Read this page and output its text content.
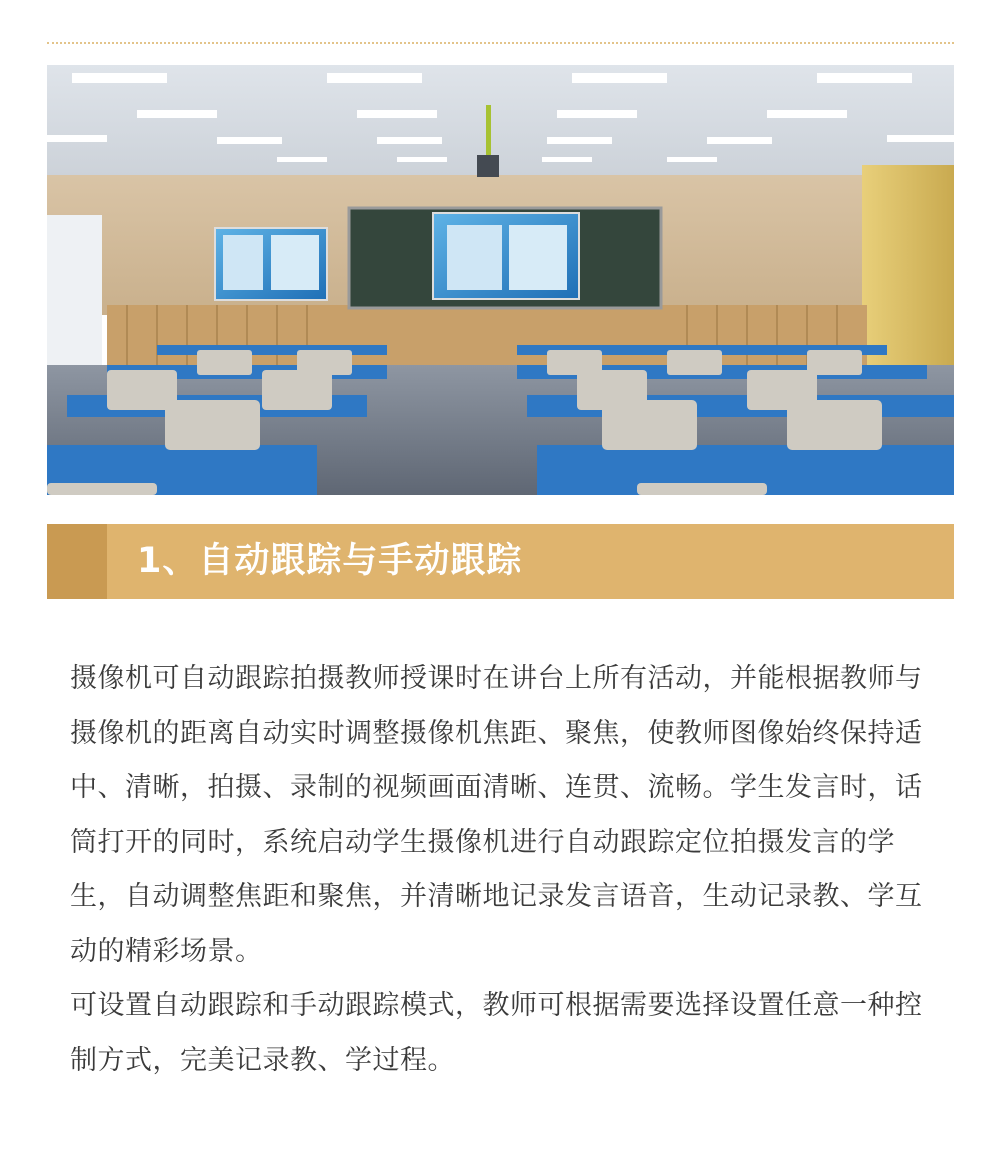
1、自动跟踪与手动跟踪

摄像机可自动跟踪拍摄教师授课时在讲台上所有活动，并能根据教师与摄像机的距离自动实时调整摄像机焦距、聚焦，使教师图像始终保持适中、清晰，拍摄、录制的视频画面清晰、连贯、流畅。学生发言时，话筒打开的同时，系统启动学生摄像机进行自动跟踪定位拍摄发言的学生，自动调整焦距和聚焦，并清晰地记录发言语音，生动记录教、学互动的精彩场景。

可设置自动跟踪和手动跟踪模式，教师可根据需要选择设置任意一种控制方式，完美记录教、学过程。
